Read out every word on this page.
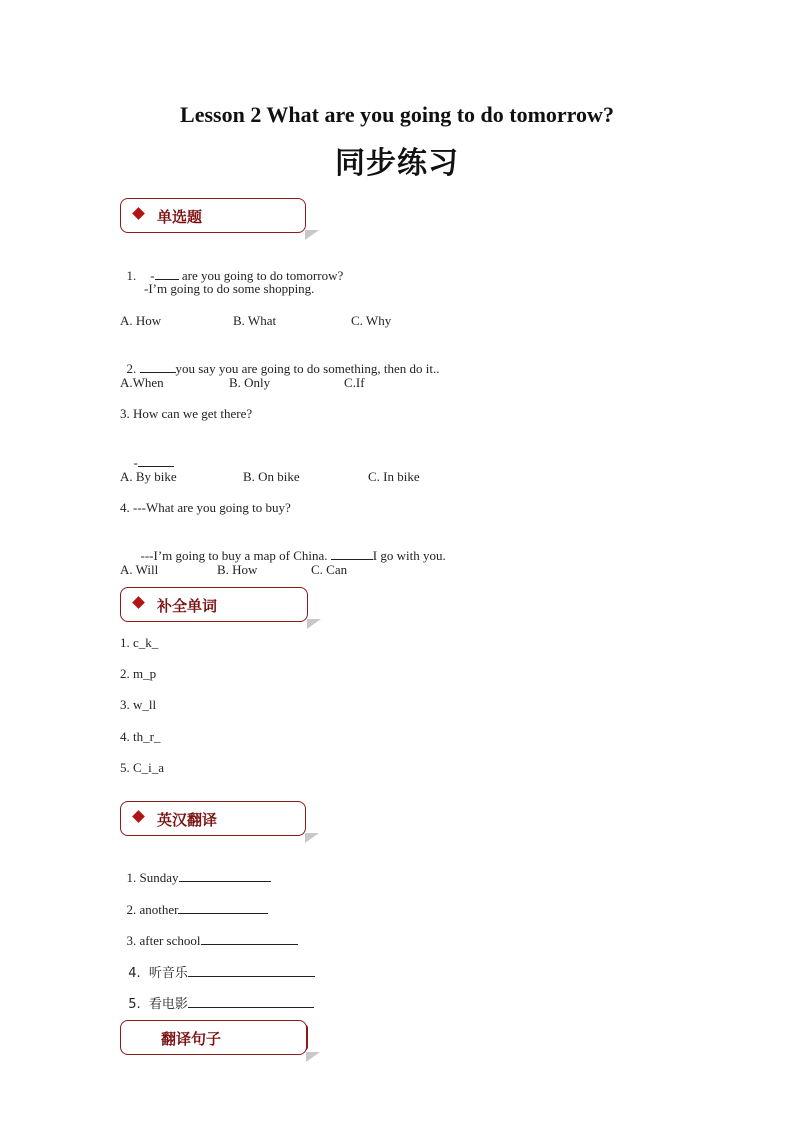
Lesson 2 What are you going to do tomorrow?
同步练习
单选题

1. - are you going to do tomorrow?

-I’m going to do some shopping.
A. How	B. What	C. Why

2.	you say you are going to do something, then do it..

A.When	B. Only	C.If
3. How can we get there?

-

A. By bike	B. On bike	C. In bike
4. ---What are you going to buy?

---I’m going to buy a map of China.	I go with you.

A. Will	B. How	C. Can
补全单词
1. c_k_
2. m_p
3. w_ll
4. th_r_
5. C_i_a
英汉翻译

1. Sunday

2. another

3. after school

4.  听音乐

5.  看电影

翻译句子
